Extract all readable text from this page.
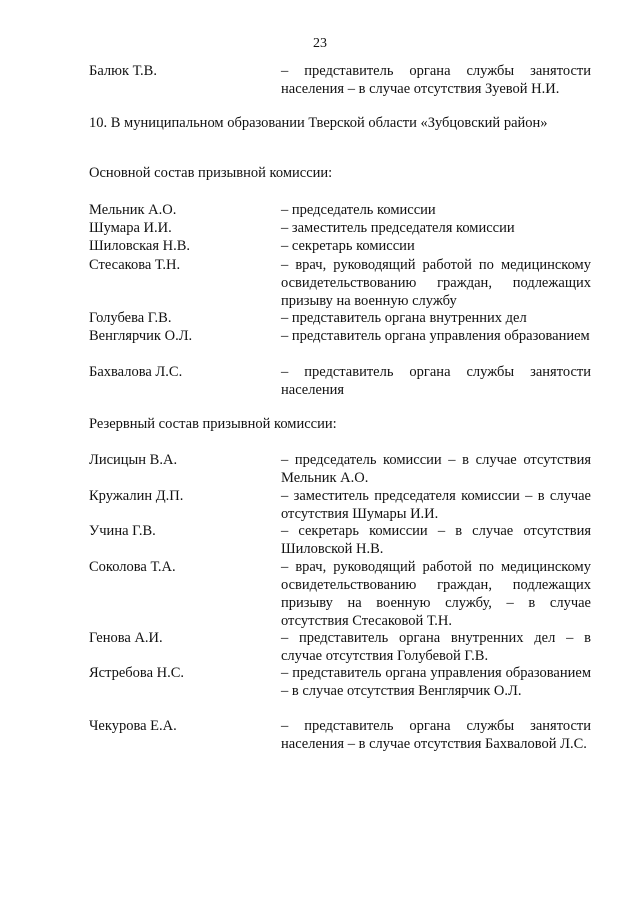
23
Балюк Т.В.	– представитель органа службы занятости населения – в случае отсутствия Зуевой Н.И.
10. В муниципальном образовании Тверской области «Зубцовский район»
Основной состав призывной комиссии:
Мельник А.О.	– председатель комиссии
Шумара И.И.	– заместитель председателя комиссии
Шиловская Н.В.	– секретарь комиссии
Стесакова Т.Н.	– врач, руководящий работой по медицинскому освидетельствованию граждан, подлежащих призыву на военную службу
Голубева Г.В.	– представитель органа внутренних дел
Венглярчик О.Л.	– представитель органа управления образованием
Бахвалова Л.С.	– представитель органа службы занятости населения
Резервный состав призывной комиссии:
Лисицын В.А.	– председатель комиссии – в случае отсутствия Мельник А.О.
Кружалин Д.П.	– заместитель председателя комиссии – в случае отсутствия Шумары И.И.
Учина Г.В.	– секретарь комиссии – в случае отсутствия Шиловской Н.В.
Соколова Т.А.	– врач, руководящий работой по медицинскому освидетельствованию граждан, подлежащих призыву на военную службу, – в случае отсутствия Стесаковой Т.Н.
Генова А.И.	– представитель органа внутренних дел – в случае отсутствия Голубевой Г.В.
Ястребова Н.С.	– представитель органа управления образованием – в случае отсутствия Венглярчик О.Л.
Чекурова Е.А.	– представитель органа службы занятости населения – в случае отсутствия Бахваловой Л.С.
